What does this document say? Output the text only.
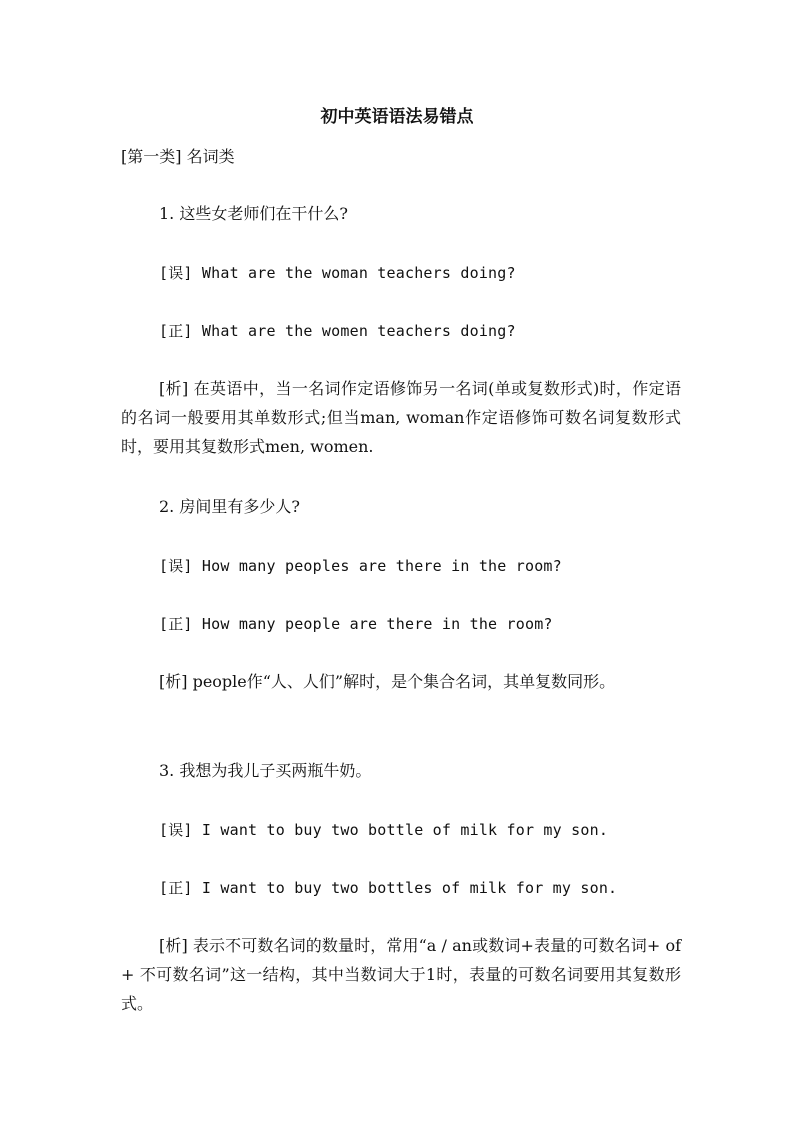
初中英语语法易错点
[第一类] 名词类
1. 这些女老师们在干什么?
[误] What are the woman teachers doing?
[正] What are the women teachers doing?
[析] 在英语中，当一名词作定语修饰另一名词(单或复数形式)时，作定语的名词一般要用其单数形式;但当man, woman作定语修饰可数名词复数形式时，要用其复数形式men, women.
2. 房间里有多少人?
[误] How many peoples are there in the room?
[正] How many people are there in the room?
[析] people作“人、人们”解时，是个集合名词，其单复数同形。
3. 我想为我儿子买两瓶牛奶。
[误] I want to buy two bottle of milk for my son.
[正] I want to buy two bottles of milk for my son.
[析] 表示不可数名词的数量时，常用“a / an或数词+表量的可数名词+ of + 不可数名词”这一结构，其中当数词大于1时，表量的可数名词要用其复数形式。
